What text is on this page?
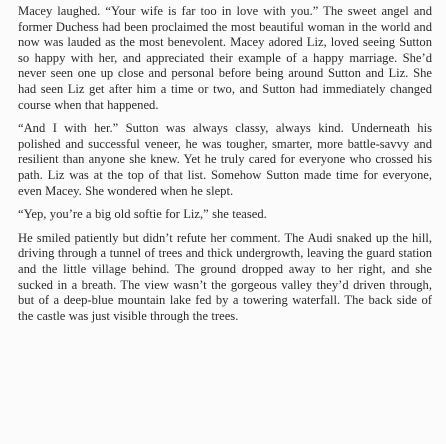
Macey laughed. “Your wife is far too in love with you.” The sweet angel and former Duchess had been proclaimed the most beautiful woman in the world and now was lauded as the most benevolent. Macey adored Liz, loved seeing Sutton so happy with her, and appreciated their example of a happy marriage. She’d never seen one up close and personal before being around Sutton and Liz. She had seen Liz get after him a time or two, and Sutton had immediately changed course when that happened.

“And I with her.” Sutton was always classy, always kind. Underneath his polished and successful veneer, he was tougher, smarter, more battle-savvy and resilient than anyone she knew. Yet he truly cared for everyone who crossed his path. Liz was at the top of that list. Somehow Sutton made time for everyone, even Macey. She wondered when he slept.

“Yep, you’re a big old softie for Liz,” she teased.

He smiled patiently but didn’t refute her comment. The Audi snaked up the hill, driving through a tunnel of trees and thick undergrowth, leaving the guard station and the little village behind. The ground dropped away to her right, and she sucked in a breath. The view wasn’t the gorgeous valley they’d driven through, but of a deep-blue mountain lake fed by a towering waterfall. The back side of the castle was just visible through the trees.
